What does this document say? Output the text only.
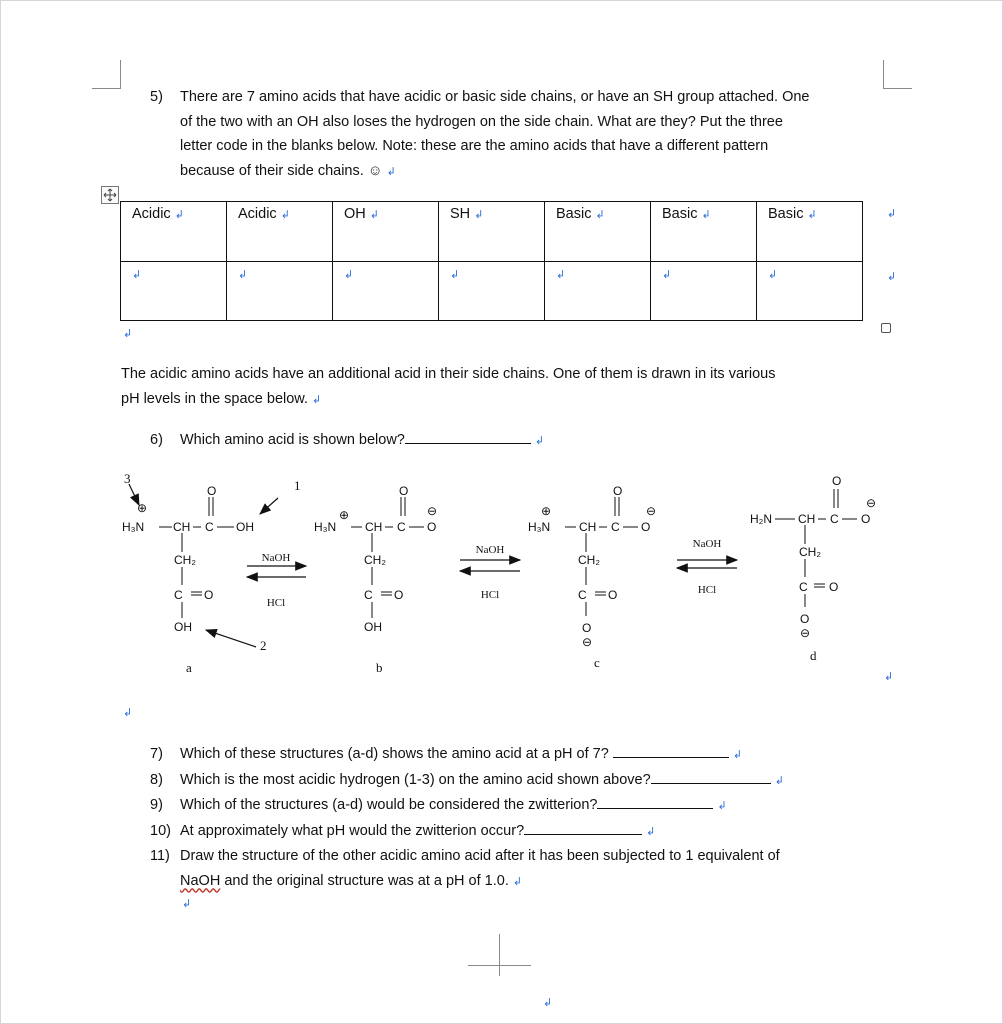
5) There are 7 amino acids that have acidic or basic side chains, or have an SH group attached. One
of the two with an OH also loses the hydrogen on the side chain. What are they? Put the three
letter code in the blanks below. Note: these are the amino acids that have a different pattern
because of their side chains. ☺ ↲
Acidic ↲	Acidic ↲	OH ↲	SH ↲	Basic ↲	Basic ↲	Basic ↲
↲	↲	↲	↲	↲	↲	↲
↲
↲
↲
The acidic amino acids have an additional acid in their side chains. One of them is drawn in its various
pH levels in the space below. ↲
6) Which amino acid is shown below?	↲
H₃N
⊕
CH C
O
OH
CH₂
C O
OH
H₃N
⊕
CH C
O
O
⊖
CH₂
C O
OH
H₃N
⊕
CH C
O
O
⊖
CH₂
C O
O
⊖
H₂N CH C
O
O
⊖
CH₂
C O
O
⊖
NaOH
HCl
NaOH
HCl
NaOH
HCl
3	1
2
a	b	c	d
↲
↲
7) Which of these structures (a-d) shows the amino acid at a pH of 7?	↲
8) Which is the most acidic hydrogen (1-3) on the amino acid shown above?	↲
9) Which of the structures (a-d) would be considered the zwitterion?	↲
10) At approximately what pH would the zwitterion occur?	↲
11) Draw the structure of the other acidic amino acid after it has been subjected to 1 equivalent of
NaOH and the original structure was at a pH of 1.0. ↲
↲
↲
